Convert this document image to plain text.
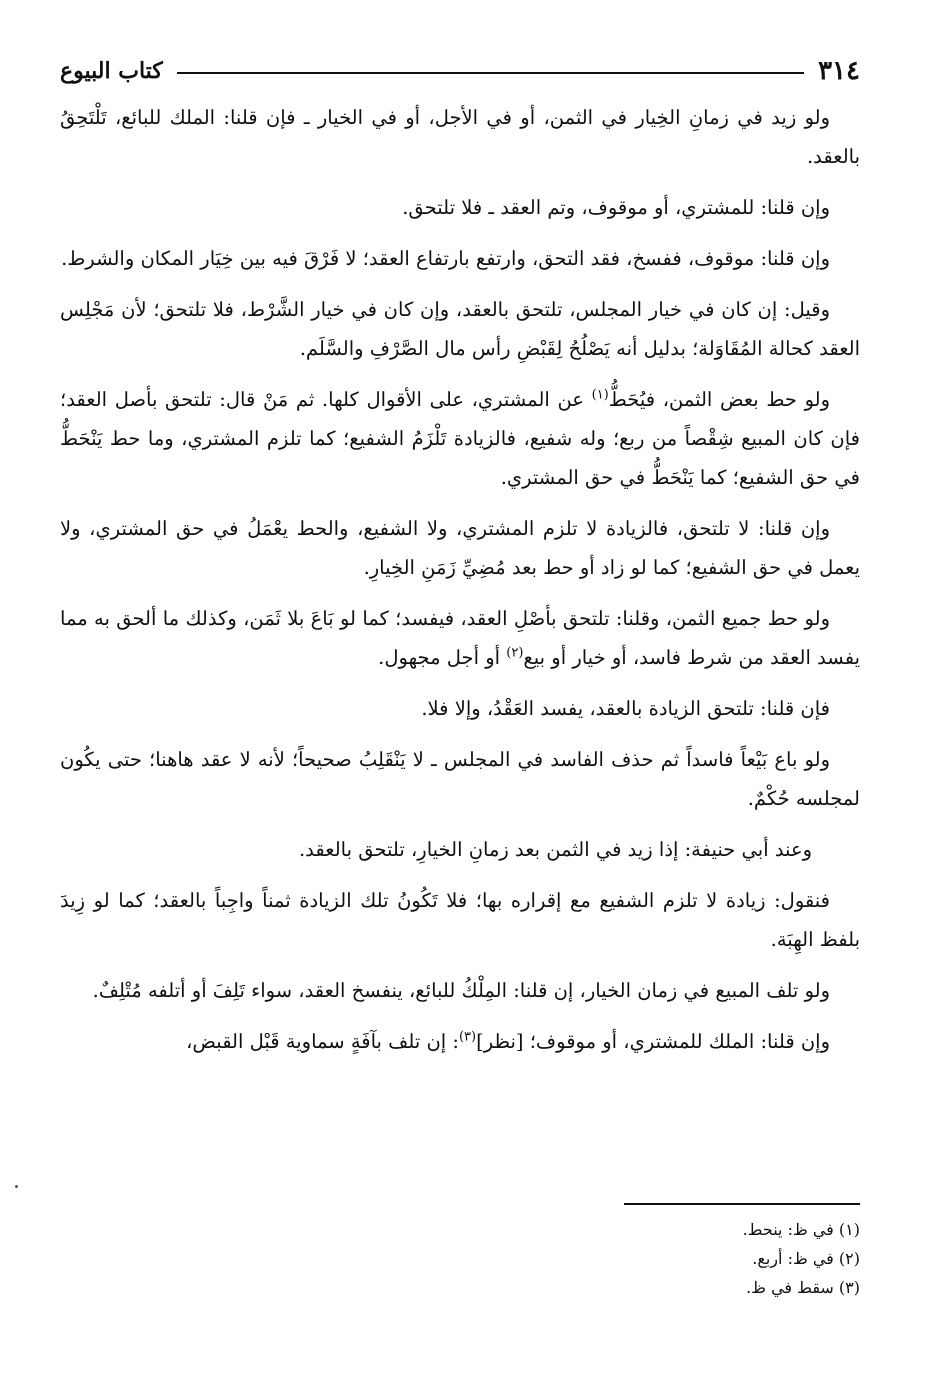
٣١٤
كتاب البيوع

ولو زيد في زمانِ الخِيار في الثمن، أو في الأجل، أو في الخيار ـ فإن قلنا: الملك للبائع، تَلْتَحِقُ بالعقد.

وإن قلنا: للمشتري، أو موقوف، وتم العقد ـ فلا تلتحق.

وإن قلنا: موقوف، ففسخ، فقد التحق، وارتفع بارتفاع العقد؛ لا فَرْقَ فيه بين خِيَار المكان والشرط.

وقيل: إن كان في خيار المجلس، تلتحق بالعقد، وإن كان في خيار الشَّرْط، فلا تلتحق؛ لأن مَجْلِس العقد كحالة المُقَاوَلة؛ بدليل أنه يَصْلُحُ لِقَبْضِ رأس مال الصَّرْفِ والسَّلَم.

ولو حط بعض الثمن، فيُحَطُّ$^{(١)}$ عن المشتري، على الأقوال كلها. ثم مَنْ قال: تلتحق بأصل العقد؛ فإن كان المبيع شِقْصاً من ربع؛ وله شفيع، فالزيادة تَلْزَمُ الشفيع؛ كما تلزم المشتري، وما حط يَنْحَطُّ في حق الشفيع؛ كما يَنْحَطُّ في حق المشتري.

وإن قلنا: لا تلتحق، فالزيادة لا تلزم المشتري، ولا الشفيع، والحط يعْمَلُ في حق المشتري، ولا يعمل في حق الشفيع؛ كما لو زاد أو حط بعد مُضِيِّ زَمَنِ الخِيارِ.

ولو حط جميع الثمن، وقلنا: تلتحق بأصْلِ العقد، فيفسد؛ كما لو بَاعَ بلا ثَمَن، وكذلك ما ألحق به مما يفسد العقد من شرط فاسد، أو خيار أو بيع$^{(٢)}$ أو أجل مجهول.

فإن قلنا: تلتحق الزيادة بالعقد، يفسد العَقْدُ، وإلا فلا.

ولو باع بَيْعاً فاسداً ثم حذف الفاسد في المجلس ـ لا يَنْقَلِبُ صحيحاً؛ لأنه لا عقد هاهنا؛ حتى يكُون لمجلسه حُكْمٌ.

وعند أبي حنيفة: إذا زيد في الثمن بعد زمانِ الخيارِ، تلتحق بالعقد.

فنقول: زيادة لا تلزم الشفيع مع إقراره بها؛ فلا تَكُونُ تلك الزيادة ثمناً واجِباً بالعقد؛ كما لو زِيدَ بلفظ الهِبَة.

ولو تلف المبيع في زمان الخيار، إن قلنا: المِلْكُ للبائع، ينفسخ العقد، سواء تَلِفَ أو أتلفه مُتْلِفٌ.

وإن قلنا: الملك للمشتري، أو موقوف؛ [نظر]$^{(٣)}$: إن تلف بآفَةٍ سماوية قَبْل القبض،

(١) في ظ: ينحط.

(٢) في ظ: أربع.

(٣) سقط في ظ.
